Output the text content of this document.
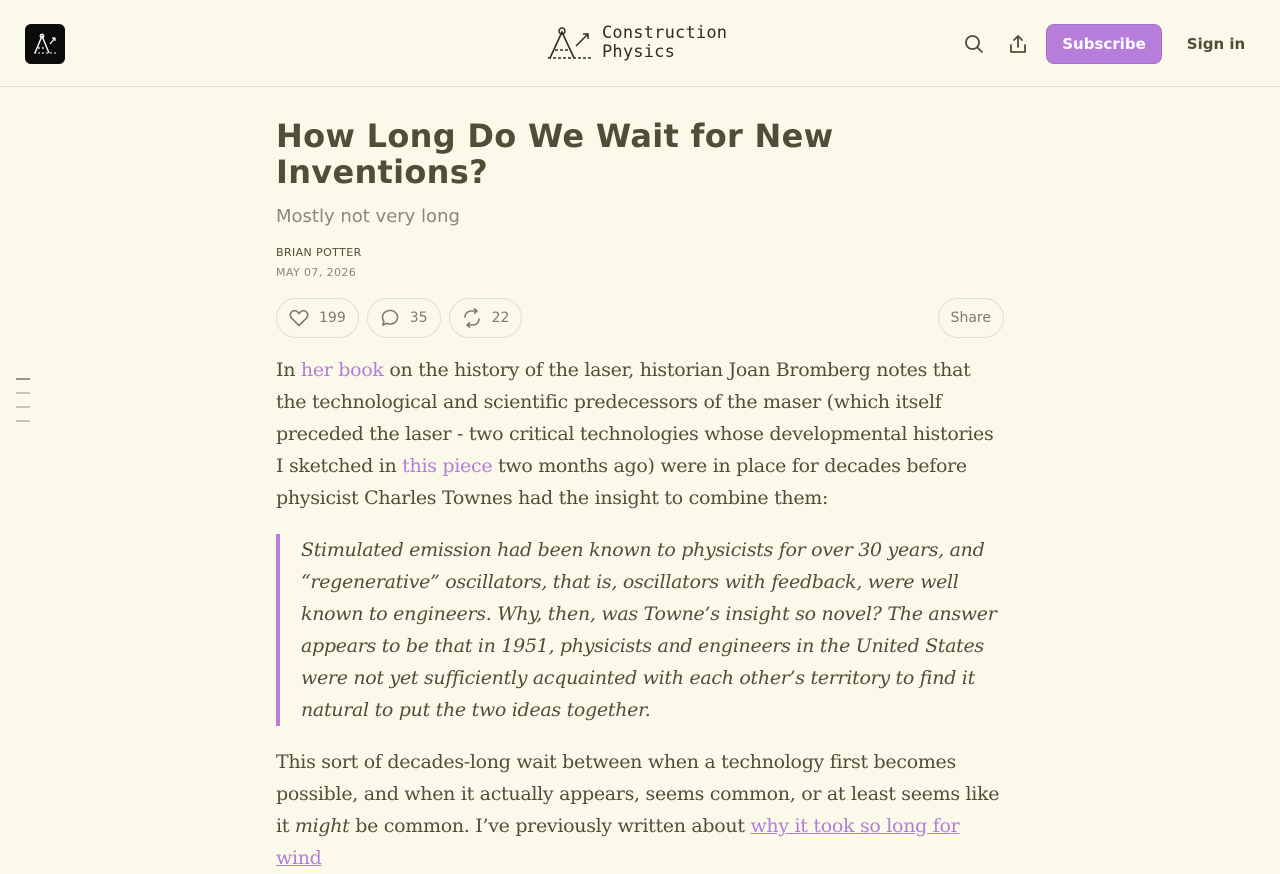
Construction
Physics	Subscribe	Sign in
How Long Do We Wait for New Inventions?
Mostly not very long
BRIAN POTTER
MAY 07, 2026
199	35	22	Share

In her book on the history of the laser, historian Joan Bromberg notes that the technological and scientific predecessors of the maser (which itself preceded the laser - two critical technologies whose developmental histories I sketched in this piece two months ago) were in place for decades before physicist Charles Townes had the insight to combine them:

Stimulated emission had been known to physicists for over 30 years, and “regenerative” oscillators, that is, oscillators with feedback, were well known to engineers. Why, then, was Towne’s insight so novel? The answer appears to be that in 1951, physicists and engineers in the United States were not yet sufficiently acquainted with each other’s territory to find it natural to put the two ideas together.

This sort of decades-long wait between when a technology first becomes possible, and when it actually appears, seems common, or at least seems like it might be common. I’ve previously written about why it took so long for wind
